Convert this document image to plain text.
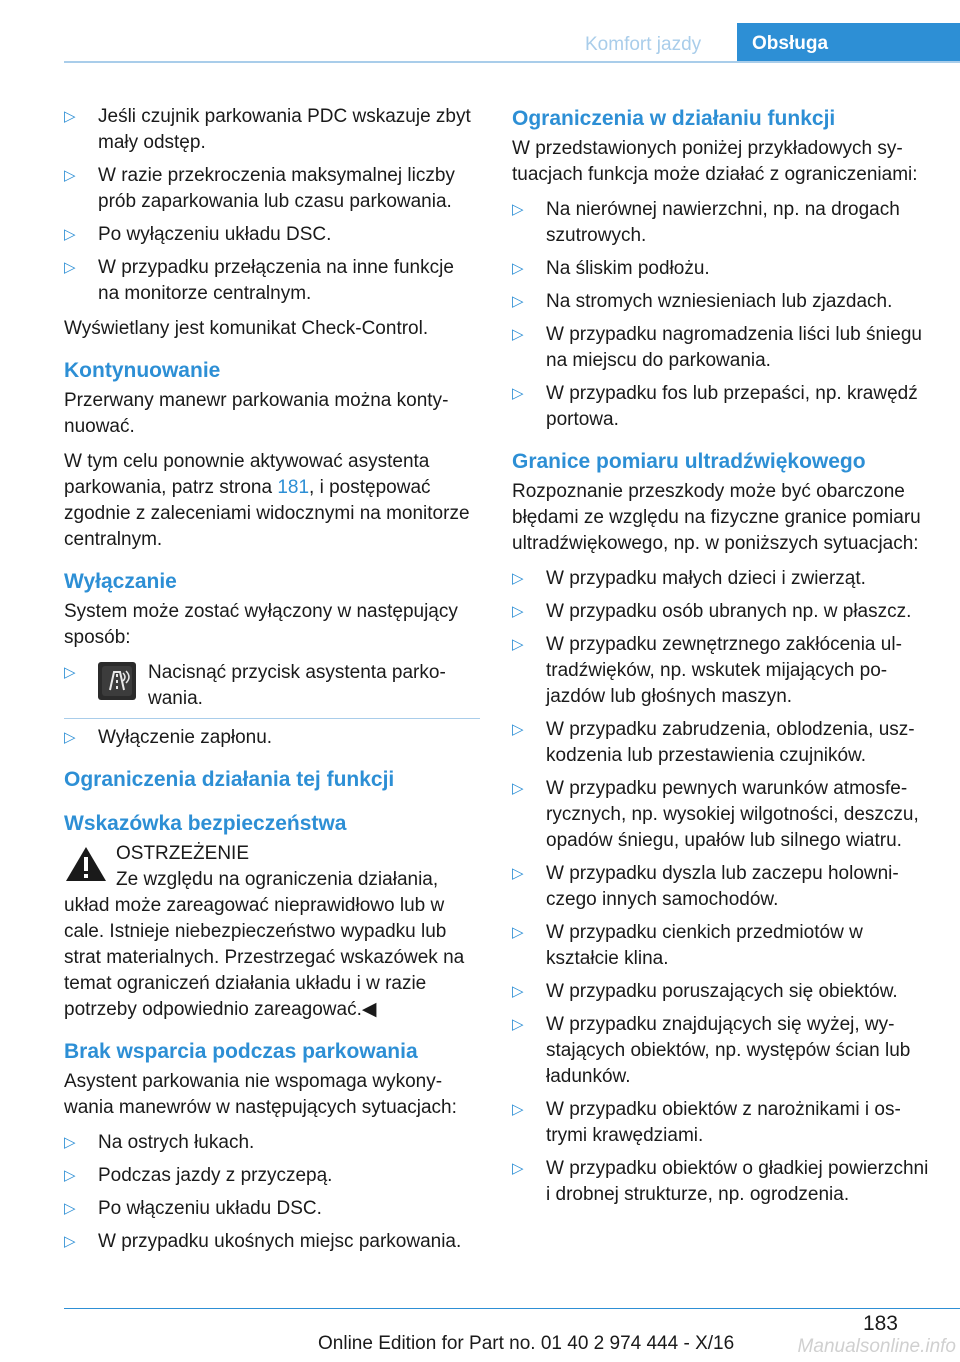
Komfort jazdy	Obsługa
▷ Jeśli czujnik parkowania PDC wskazuje zbyt mały odstęp.
▷ W razie przekroczenia maksymalnej liczby prób zaparkowania lub czasu parkowania.
▷ Po wyłączeniu układu DSC.
▷ W przypadku przełączenia na inne funkcje na monitorze centralnym.

Wyświetlany jest komunikat Check-Control.

Kontynuowanie

Przerwany manewr parkowania można kontynuować.

W tym celu ponownie aktywować asystenta parkowania, patrz strona 181, i postępować zgodnie z zaleceniami widocznymi na monitorze centralnym.

Wyłączanie

System może zostać wyłączony w następujący sposób:

▷	Nacisnąć przycisk asystenta parkowania.
▷ Wyłączenie zapłonu.
Ograniczenia działania tej funkcji
Wskazówka bezpieczeństwa
OSTRZEŻENIE

Ze względu na ograniczenia działania, układ może zareagować nieprawidłowo lub w cale. Istnieje niebezpieczeństwo wypadku lub strat materialnych. Przestrzegać wskazówek na temat ograniczeń działania układu i w razie potrzeby odpowiednio zareagować.◀

Brak wsparcia podczas parkowania

Asystent parkowania nie wspomaga wykonywania manewrów w następujących sytuacjach:

▷ Na ostrych łukach.
▷ Podczas jazdy z przyczepą.
▷ Po włączeniu układu DSC.
▷ W przypadku ukośnych miejsc parkowania.
Ograniczenia w działaniu funkcji

W przedstawionych poniżej przykładowych sytuacjach funkcja może działać z ograniczeniami:

▷ Na nierównej nawierzchni, np. na drogach szutrowych.
▷ Na śliskim podłożu.
▷ Na stromych wzniesieniach lub zjazdach.
▷ W przypadku nagromadzenia liści lub śniegu na miejscu do parkowania.
▷ W przypadku fos lub przepaści, np. krawędź portowa.
Granice pomiaru ultradźwiękowego

Rozpoznanie przeszkody może być obarczone błędami ze względu na fizyczne granice pomiaru ultradźwiękowego, np. w poniższych sytuacjach:

▷ W przypadku małych dzieci i zwierząt.
▷ W przypadku osób ubranych np. w płaszcz.
▷ W przypadku zewnętrznego zakłócenia ultradźwięków, np. wskutek mijających pojazdów lub głośnych maszyn.
▷ W przypadku zabrudzenia, oblodzenia, uszkodzenia lub przestawienia czujników.
▷ W przypadku pewnych warunków atmosferycznych, np. wysokiej wilgotności, deszczu, opadów śniegu, upałów lub silnego wiatru.
▷ W przypadku dyszla lub zaczepu holowniczego innych samochodów.
▷ W przypadku cienkich przedmiotów w kształcie klina.
▷ W przypadku poruszających się obiektów.
▷ W przypadku znajdujących się wyżej, wystających obiektów, np. występów ścian lub ładunków.
▷ W przypadku obiektów z narożnikami i ostrymi krawędziami.
▷ W przypadku obiektów o gładkiej powierzchni i drobnej strukturze, np. ogrodzenia.
183
Online Edition for Part no. 01 40 2 974 444 - X/16	Manualsonline.info
